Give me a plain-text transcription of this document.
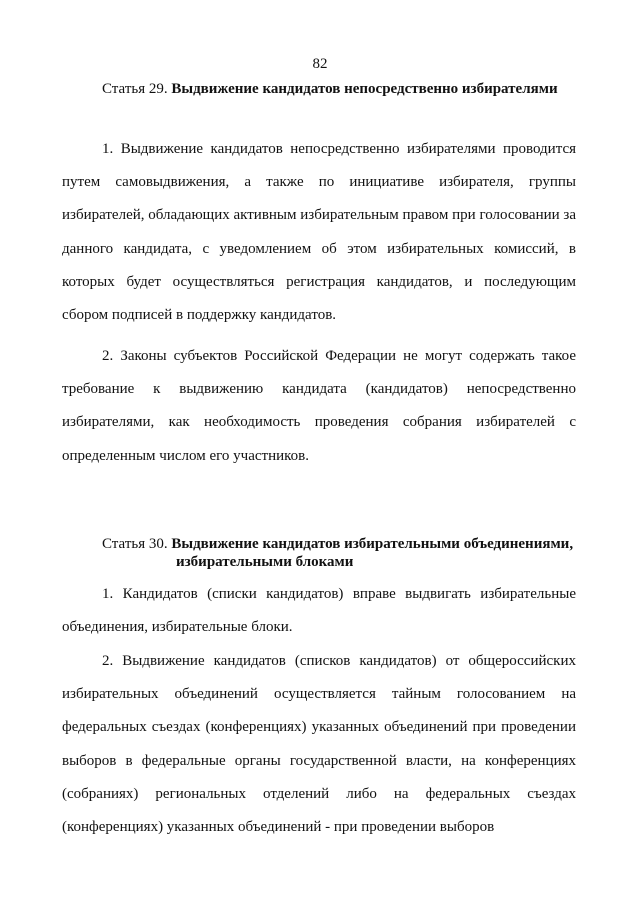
82
Статья 29. Выдвижение кандидатов непосредственно избирателями

1. Выдвижение кандидатов непосредственно избирателями проводится путем самовыдвижения, а также по инициативе избирателя, группы избирателей, обладающих активным избирательным правом при голосовании за данного кандидата, с уведомлением об этом избирательных комиссий, в которых будет осуществляться регистрация кандидатов, и последующим сбором подписей в поддержку кандидатов.

2. Законы субъектов Российской Федерации не могут содержать такое требование к выдвижению кандидата (кандидатов) непосредственно избирателями, как необходимость проведения собрания избирателей с определенным числом его участников.

Статья 30. Выдвижение кандидатов избирательными объединениями,
избирательными блоками

1. Кандидатов (списки кандидатов) вправе выдвигать избирательные объединения, избирательные блоки.

2. Выдвижение кандидатов (списков кандидатов) от общероссийских избирательных объединений осуществляется тайным голосованием на федеральных съездах (конференциях) указанных объединений при проведении выборов в федеральные органы государственной власти, на конференциях (собраниях) региональных отделений либо на федеральных съездах (конференциях) указанных объединений - при проведении выборов
